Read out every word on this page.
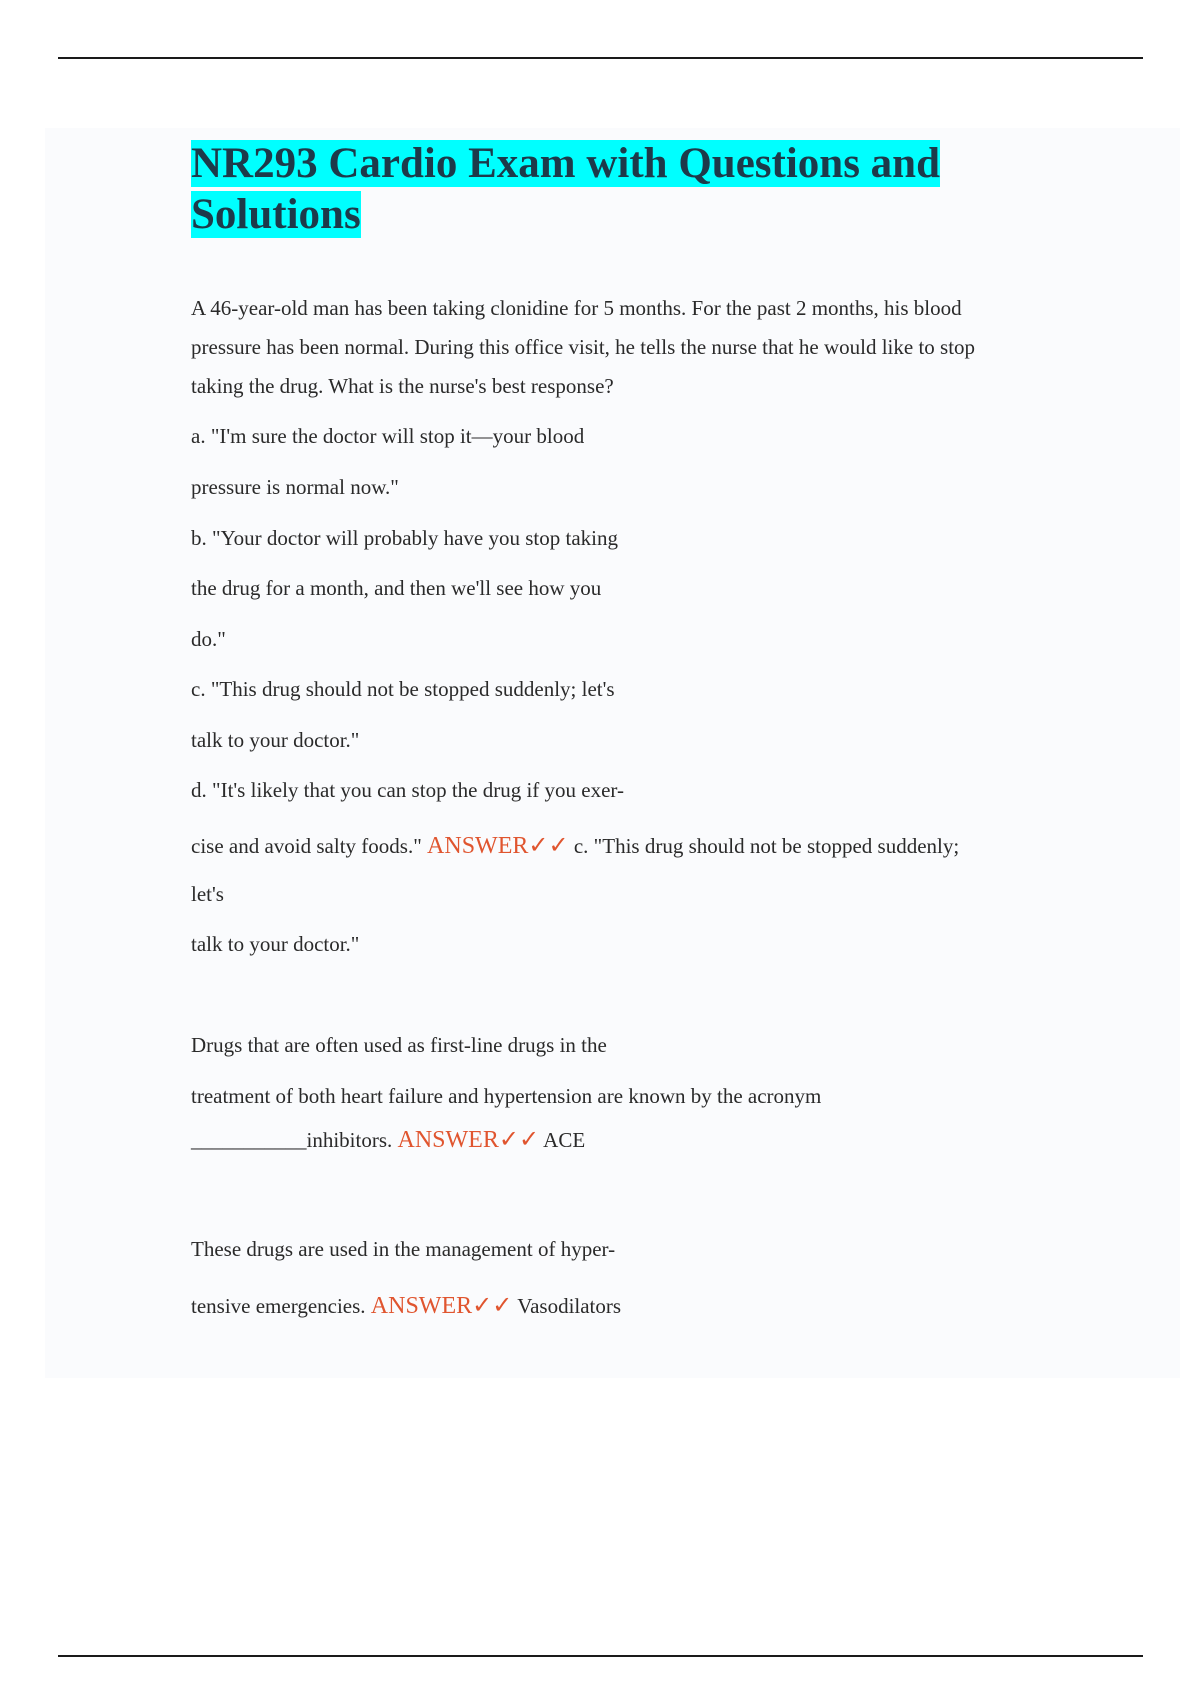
NR293 Cardio Exam with Questions and Solutions
A 46-year-old man has been taking clonidine for 5 months. For the past 2 months, his blood
pressure has been normal. During this office visit, he tells the nurse that he would like to stop
taking the drug. What is the nurse's best response?
a. "I'm sure the doctor will stop it—your blood
pressure is normal now."
b. "Your doctor will probably have you stop taking
the drug for a month, and then we'll see how you
do."
c. "This drug should not be stopped suddenly; let's
talk to your doctor."
d. "It's likely that you can stop the drug if you exer-
cise and avoid salty foods." ANSWER✓✓ c. "This drug should not be stopped suddenly;
let's
talk to your doctor."
Drugs that are often used as first-line drugs in the
treatment of both heart failure and hypertension are known by the acronym
___________inhibitors. ANSWER✓✓ ACE
These drugs are used in the management of hyper-
tensive emergencies. ANSWER✓✓ Vasodilators
